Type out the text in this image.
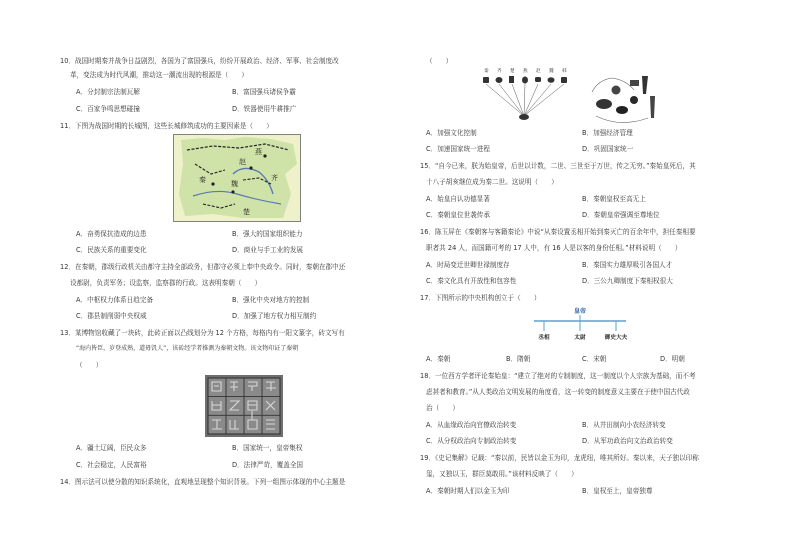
10．战国时期秦并战争日益剧烈，各国为了富国强兵，纷纷开展政治、经济、军事、社会制度改
革，变法成为时代风潮，推动这一潮流出现的根源是（　　）
A．分封制宗法制瓦解	B．富国强兵诸侯争霸
C．百家争鸣思想碰撞	D．铁器使用牛耕推广
11．下图为战国时期的长城图，这些长城修筑成功的主要因素是（　　）
燕
齐
赵
秦
楚
魏
A．奋勇保抗造成的边患	B．强大的国家组织能力
C．民族关系的重要变化	D．商业与手工业的发展
12．在秦朝，郡级行政机关由都守主持全部政务，但郡守必须上奉中央政令。同时，秦朝在郡中还
设都尉，负责军务；设监察，监察郡的行政。这表明秦朝（　　）
A．中枢权力体系日趋完备	B．强化中央对地方的控制
C．郡县制削弱中央权威	D．加强了地方权力相互制约
13．某博物馆收藏了一块砖，此砖正面以凸线划分为 12 个方格，每格内有一阳文篆字，砖文写有
“海内皆臣，岁登成熟，道毋饥人”，该砖经学者推测为秦朝文物。该文物印证了秦朝
（　　）
A．疆土辽阔，臣民众多	B．国家统一，皇帝集权
C．社会稳定，人民富裕	D．法律严苛，覆盖全国
14．图示法可以使分散的知识系统化，直观地呈现整个知识背景。下列一组图示体现的中心主题是
（　　）
秦 齐 楚 燕 赵 魏 韩
A．加强文化控制	B．加强经济管理
C．加速国家统一进程	D．巩固国家统一
15．“自今已来，朕为始皇帝，后世以计数，二世、三世至于万世，传之无穷。”秦始皇死后，其
十八子胡亥继位成为秦二世。这说明（　　）
A．始皇自认功德显著	B．秦朝皇权至高无上
C．秦朝皇位世袭传承	D．秦朝皇帝强调至尊地位
16．陈玉屏在《秦朝客与客籍秦论》中说“从秦设置丞相开始到秦灭亡的百余年中，担任秦相要
职者共 24 人，而国籍可考的 17 人中，有 16 人是以客的身份任相。”材料说明（　　）
A．时局变迁世卿世禄制度存	B．秦国实力雄厚吸引各国人才
C．秦文化具有开放性和包容性	D．三公九卿制度下秦相权很大
17．下图所示的中央机构创立于（　　）
皇帝
丞相	太尉	御史大夫
A．秦朝	B．隋朝	C．宋朝	D．明朝
18．一位西方学者评论秦始皇：“建立了绝对的专制制度，这一制度以个人宗族为基础，而不考
虑甚者和教育。”从人类政治文明发展的角度看，这一转变的制度意义主要在于使中国古代政
治（　　）
A．从血缘政治向官僚政治转变	B．从井田制向小农经济转变
C．从分权政治向专制政治转变	D．从军功政治向文治政治转变
19．《史记集解》记载：“秦以前，民皆以金玉为印，龙虎纽，唯其所好。秦以来，天子独以印称
玺，又独以玉，群臣莫敢用。”该材料反映了（　　）
A．秦朝时期人们以金玉为印	B．皇权至上，皇帝独尊
